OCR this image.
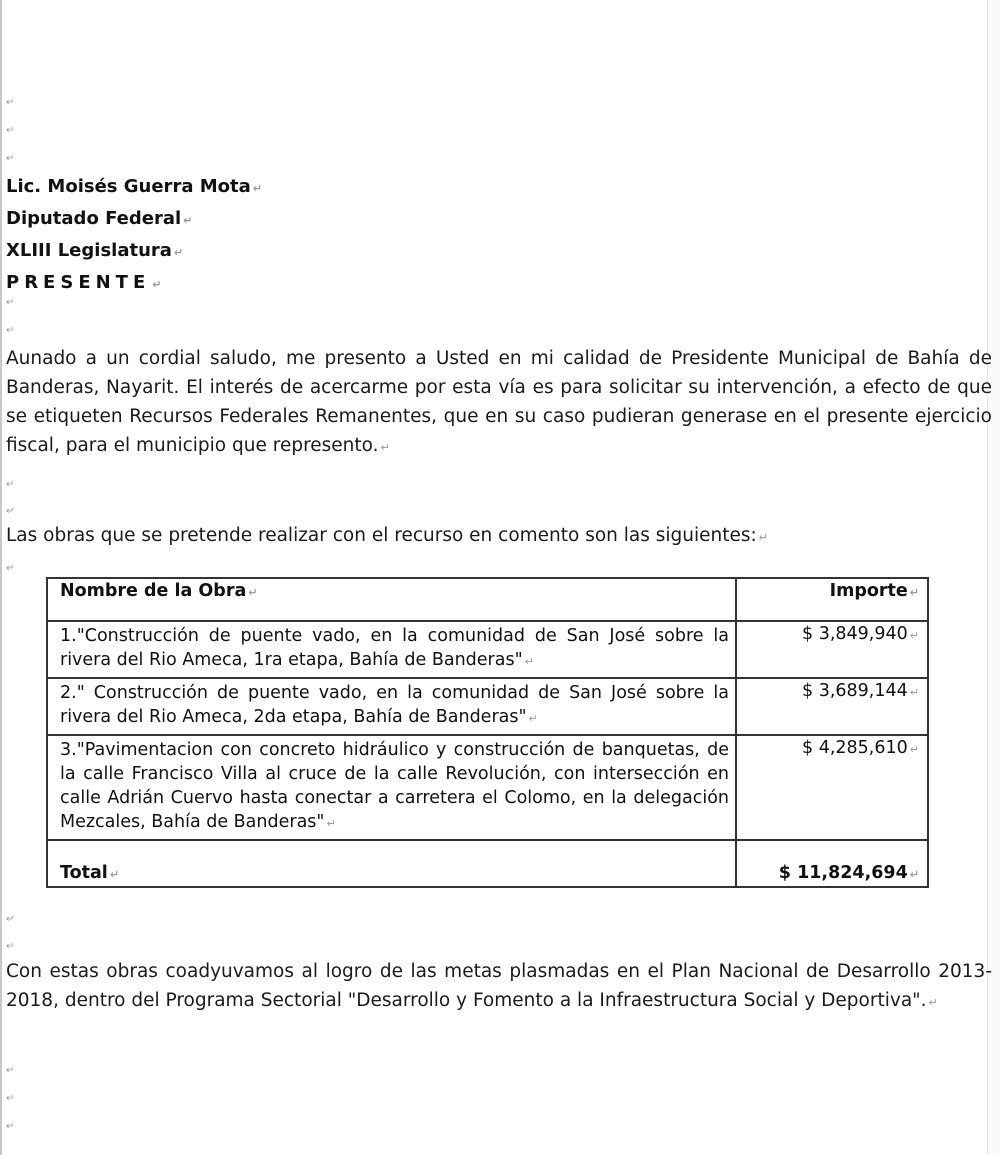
↵
↵
↵
↵
↵
↵
↵
↵
↵
↵
↵
↵
↵
Lic. Moisés Guerra Mota ↵
Diputado Federal ↵
XLIII Legislatura ↵
PRESENTE ↵
Aunado a un cordial saludo, me presento a Usted en mi calidad de Presidente Municipal de Bahía de Banderas, Nayarit. El interés de acercarme por esta vía es para solicitar su intervención, a efecto de que se etiqueten Recursos Federales Remanentes, que en su caso pudieran generase en el presente ejercicio fiscal, para el municipio que represento. ↵
Las obras que se pretende realizar con el recurso en comento son las siguientes: ↵
Nombre de la Obra ↵	Importe ↵
1."Construcción de puente vado, en la comunidad de San José sobre la rivera del Rio Ameca, 1ra etapa, Bahía de Banderas" ↵	$ 3,849,940 ↵
2." Construcción de puente vado, en la comunidad de San José sobre la rivera del Rio Ameca, 2da etapa, Bahía de Banderas" ↵	$ 3,689,144 ↵
3."Pavimentacion con concreto hidráulico y construcción de banquetas, de la calle Francisco Villa al cruce de la calle Revolución, con intersección en calle Adrián Cuervo hasta conectar a carretera el Colomo, en la delegación Mezcales, Bahía de Banderas" ↵	$ 4,285,610 ↵
Total ↵	$ 11,824,694 ↵
Con estas obras coadyuvamos al logro de las metas plasmadas en el Plan Nacional de Desarrollo 2013-2018, dentro del Programa Sectorial "Desarrollo y Fomento a la Infraestructura Social y Deportiva". ↵
